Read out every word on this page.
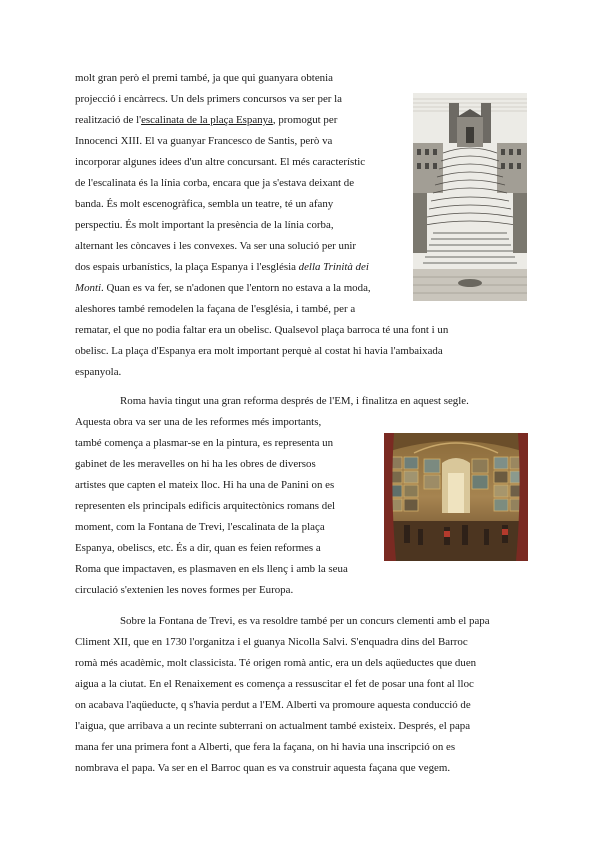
molt gran però el premi també, ja que qui guanyara obtenia
projecció i encàrrecs. Un dels primers concursos va ser per la
realització de l'escalinata de la plaça Espanya, promogut per
Innocenci XIII. El va guanyar Francesco de Santis, però va
incorporar algunes idees d'un altre concursant. El més característic
de l'escalinata és la línia corba, encara que ja s'estava deixant de
banda. És molt escenogràfica, sembla un teatre, té un afany
perspectiu. És molt important la presència de la línia corba,
alternant les còncaves i les convexes. Va ser una solució per unir
dos espais urbanístics, la plaça Espanya i l'església della Trinità dei
Monti. Quan es va fer, se n'adonen que l'entorn no estava a la moda,
aleshores també remodelen la façana de l'església, i també, per a
rematar, el que no podia faltar era un obelisc. Qualsevol plaça barroca té una font i un
obelisc. La plaça d'Espanya era molt important perquè al costat hi havia l'ambaixada
espanyola.
Roma havia tingut una gran reforma després de l'EM, i finalitza en aquest segle.
Aquesta obra va ser una de les reformes més importants,
també comença a plasmar-se en la pintura, es representa un
gabinet de les meravelles on hi ha les obres de diversos
artistes que capten el mateix lloc. Hi ha una de Panini on es
representen els principals edificis arquitectònics romans del
moment, com la Fontana de Trevi, l'escalinata de la plaça
Espanya, obeliscs, etc. És a dir, quan es feien reformes a
Roma que impactaven, es plasmaven en els llenç i amb la seua
circulació s'extenien les noves formes per Europa.
Sobre la Fontana de Trevi, es va resoldre també per un concurs clementi amb el papa
Climent XII, que en 1730 l'organitza i el guanya Nicolla Salvi. S'enquadra dins del Barroc
romà més acadèmic, molt classicista. Té origen romà antic, era un dels aqüeductes que duen
aigua a la ciutat. En el Renaixement es comença a ressuscitar el fet de posar una font al lloc
on acabava l'aqüeducte, q s'havia perdut a l'EM. Alberti va promoure aquesta conducció de
l'aigua, que arribava a un recinte subterrani on actualment també existeix. Després, el papa
mana fer una primera font a Alberti, que fera la façana, on hi havia una inscripció on es
nombrava el papa. Va ser en el Barroc quan es va construir aquesta façana que vegem.
